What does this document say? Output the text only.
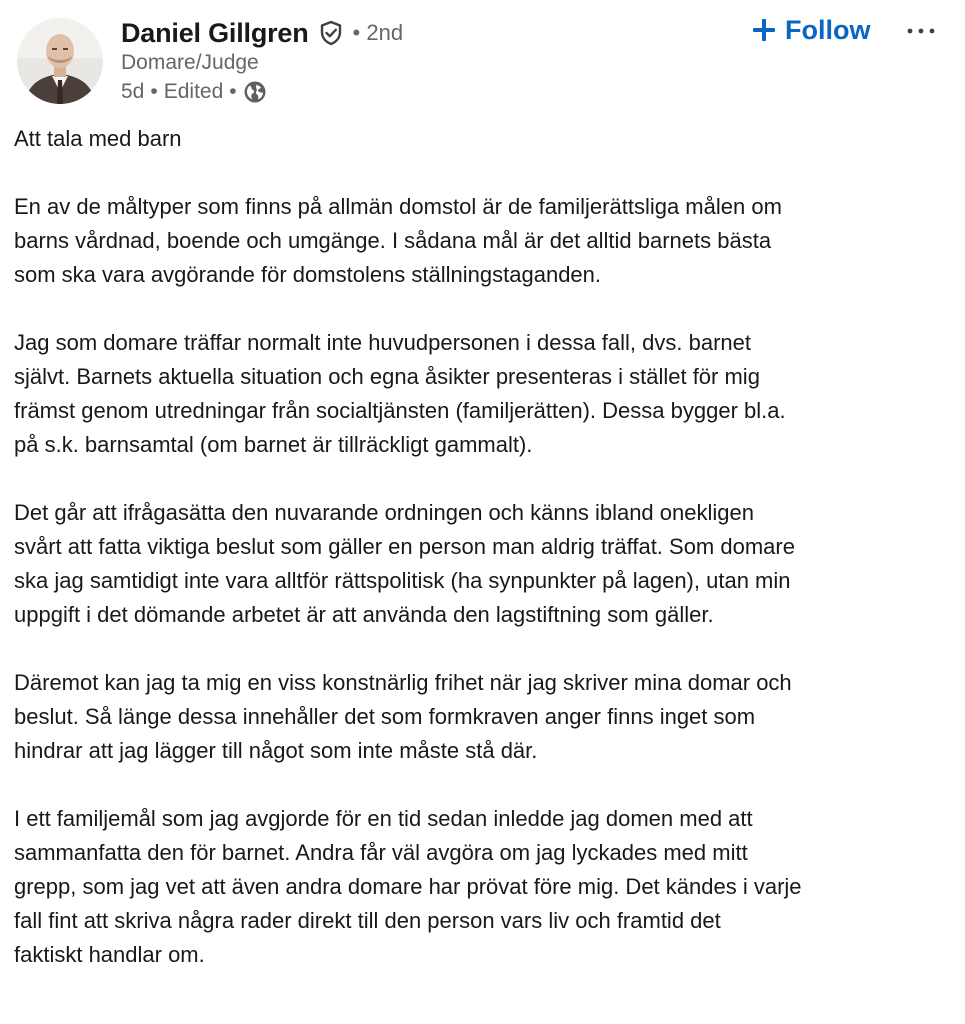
Daniel Gillgren • 2nd
Domare/Judge
5d • Edited •
Follow

Att tala med barn

En av de måltyper som finns på allmän domstol är de familjerättsliga målen om
barns vårdnad, boende och umgänge. I sådana mål är det alltid barnets bästa
som ska vara avgörande för domstolens ställningstaganden.

Jag som domare träffar normalt inte huvudpersonen i dessa fall, dvs. barnet
självt. Barnets aktuella situation och egna åsikter presenteras i stället för mig
främst genom utredningar från socialtjänsten (familjerätten). Dessa bygger bl.a.
på s.k. barnsamtal (om barnet är tillräckligt gammalt).

Det går att ifrågasätta den nuvarande ordningen och känns ibland onekligen
svårt att fatta viktiga beslut som gäller en person man aldrig träffat. Som domare
ska jag samtidigt inte vara alltför rättspolitisk (ha synpunkter på lagen), utan min
uppgift i det dömande arbetet är att använda den lagstiftning som gäller.

Däremot kan jag ta mig en viss konstnärlig frihet när jag skriver mina domar och
beslut. Så länge dessa innehåller det som formkraven anger finns inget som
hindrar att jag lägger till något som inte måste stå där.

I ett familjemål som jag avgjorde för en tid sedan inledde jag domen med att
sammanfatta den för barnet. Andra får väl avgöra om jag lyckades med mitt
grepp, som jag vet att även andra domare har prövat före mig. Det kändes i varje
fall fint att skriva några rader direkt till den person vars liv och framtid det
faktiskt handlar om.
